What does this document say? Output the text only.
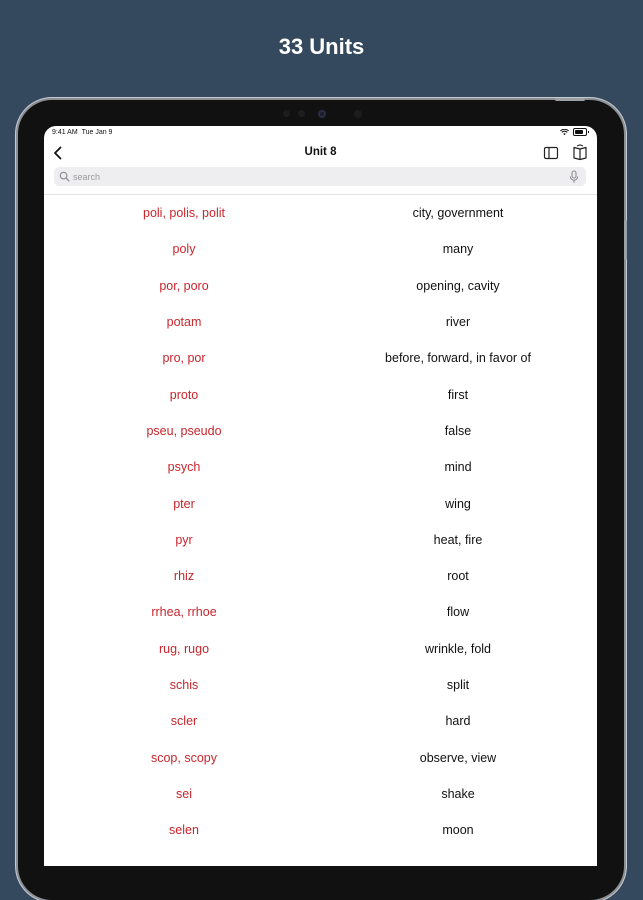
33 Units
9:41 AM Tue Jan 9
Unit 8
search
poli, polis, polit	city, government
poly	many
por, poro	opening, cavity
potam	river
pro, por	before, forward, in favor of
proto	first
pseu, pseudo	false
psych	mind
pter	wing
pyr	heat, fire
rhiz	root
rrhea, rrhoe	flow
rug, rugo	wrinkle, fold
schis	split
scler	hard
scop, scopy	observe, view
sei	shake
selen	moon
